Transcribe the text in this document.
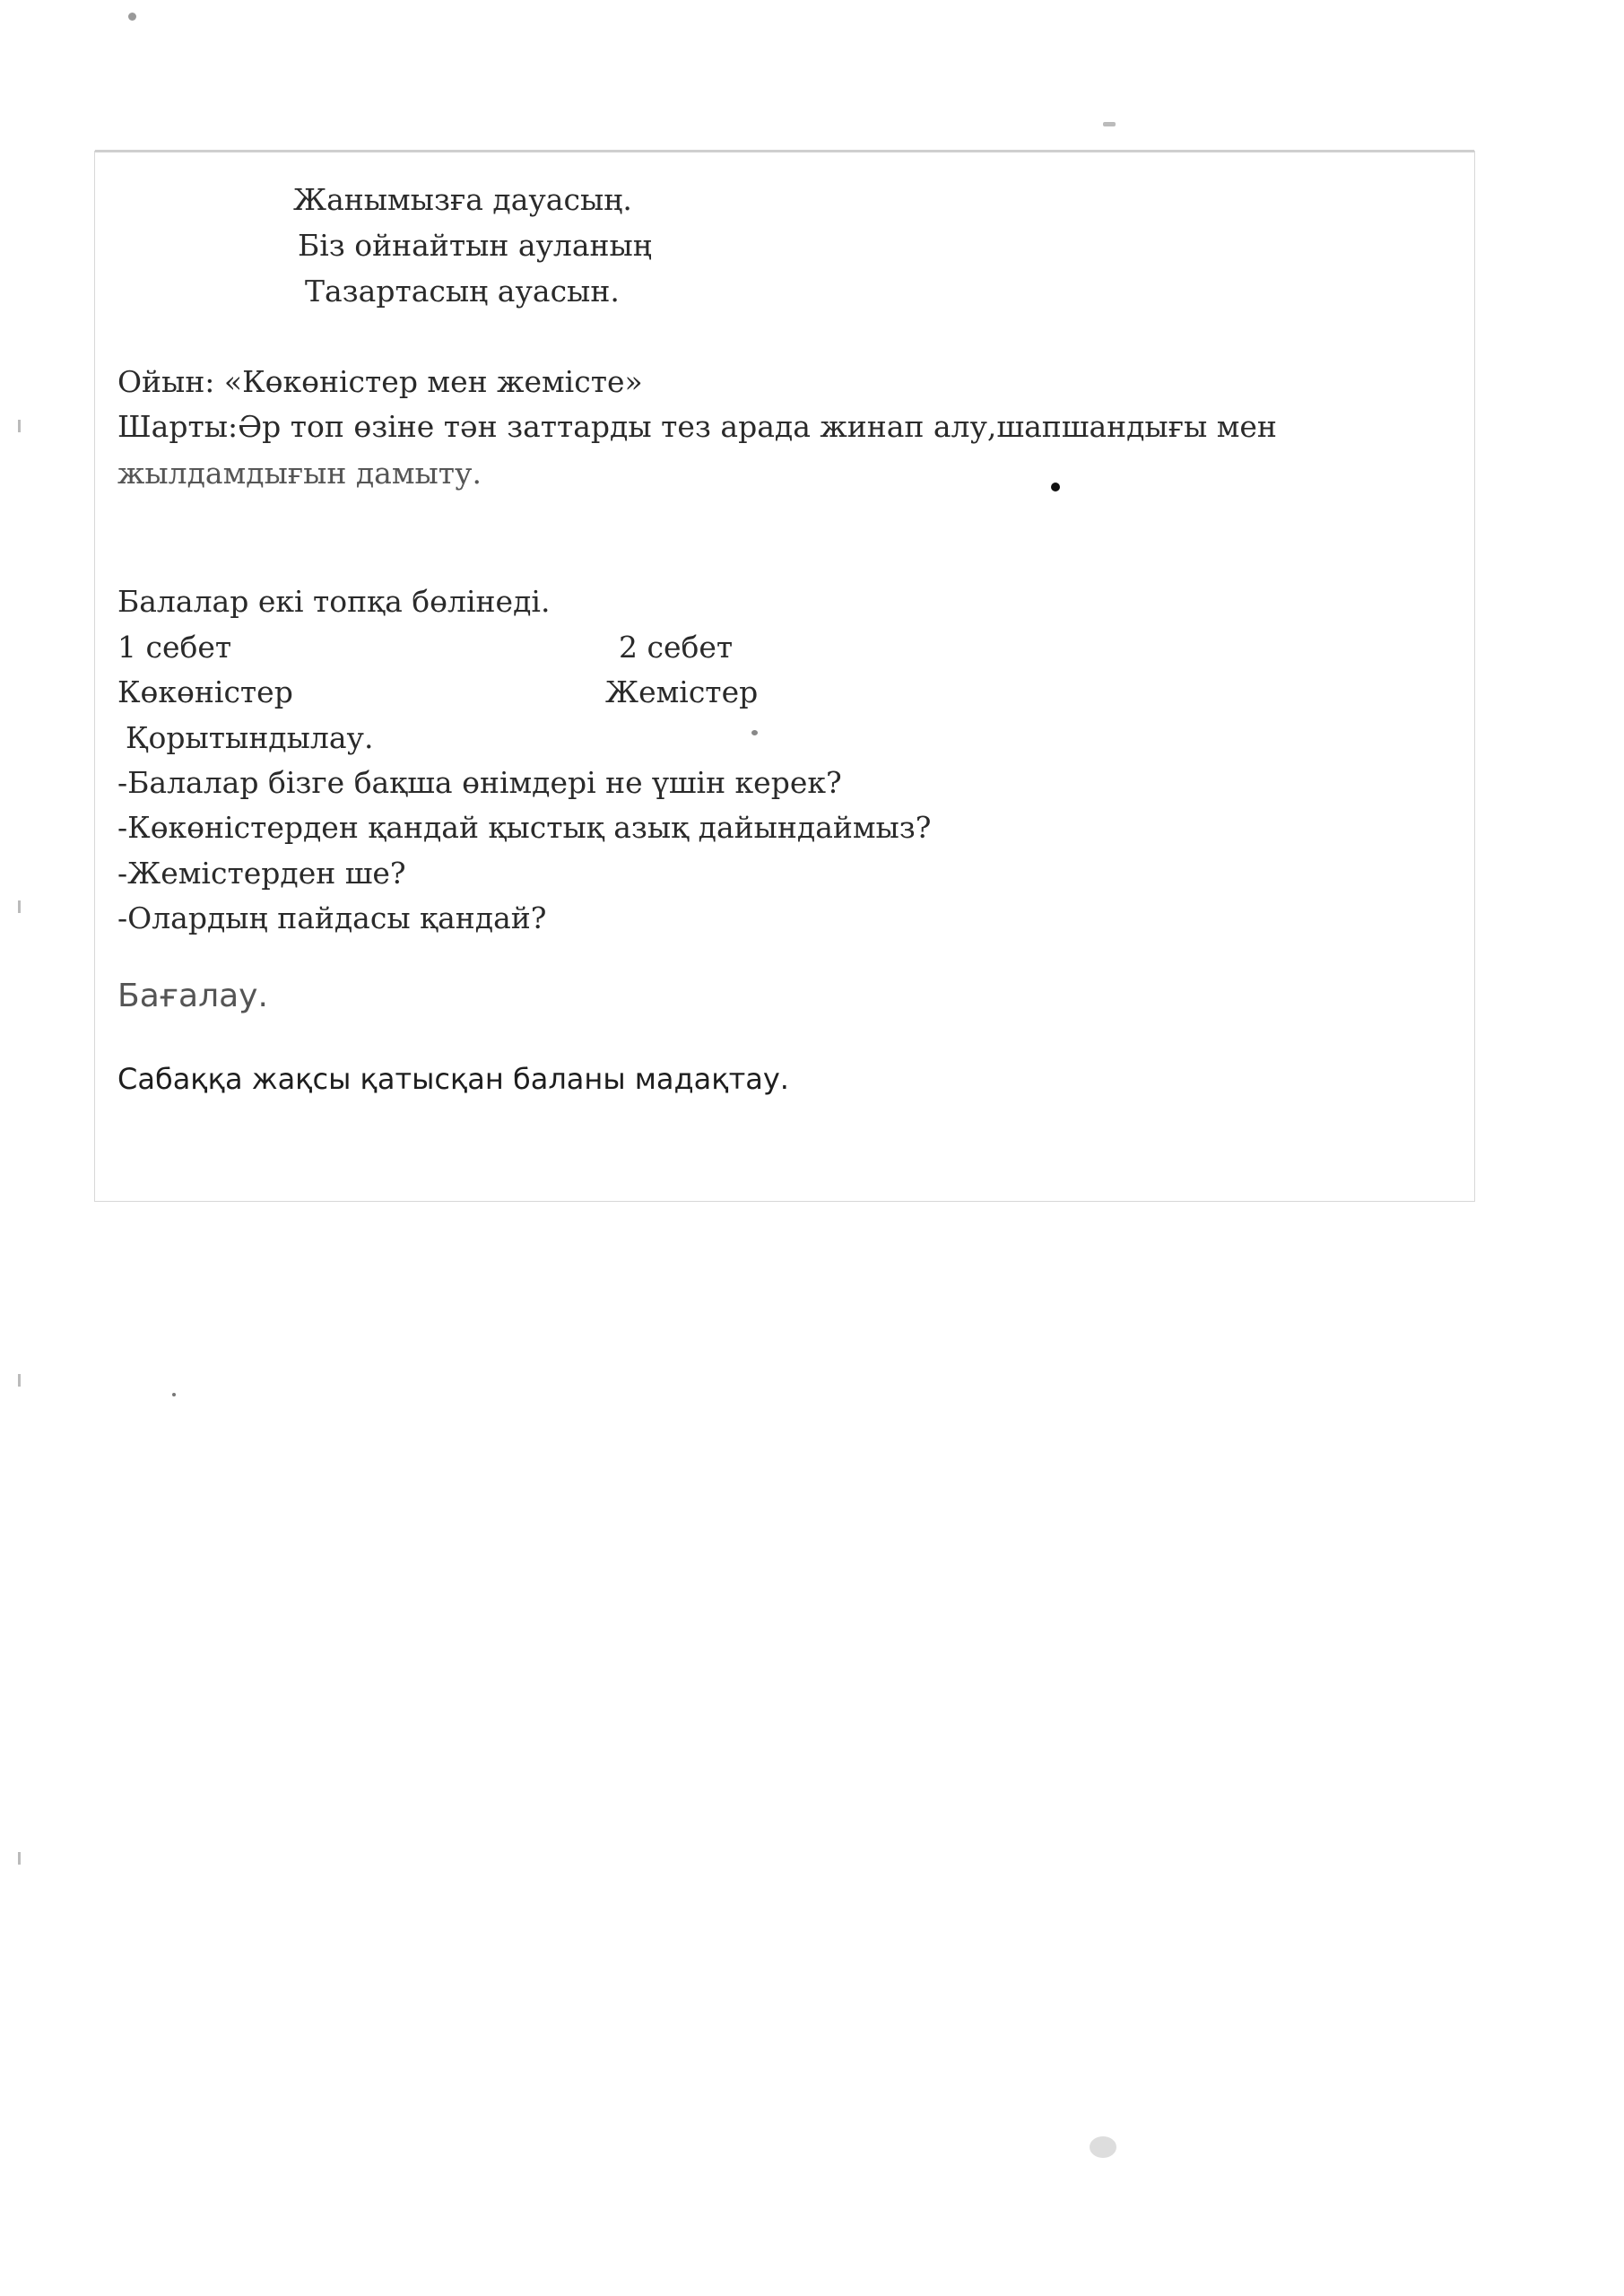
Жанымызға дауасың.
Біз ойнайтын ауланың
Тазартасың ауасын.
Ойын: «Көкөністер мен жемісте»
Шарты:Әр топ өзіне тән заттарды тез арада жинап алу,шапшандығы мен
жылдамдығын дамыту.
Балалар екі топқа бөлінеді.
1 себет	2 себет
Көкөністер	Жемістер
Қорытындылау.
-Балалар бізге бақша өнімдері не үшін керек?
-Көкөністерден қандай қыстық азық дайындаймыз?
-Жемістерден ше?
-Олардың пайдасы қандай?
Бағалау.
Сабаққа жақсы қатысқан баланы мадақтау.
